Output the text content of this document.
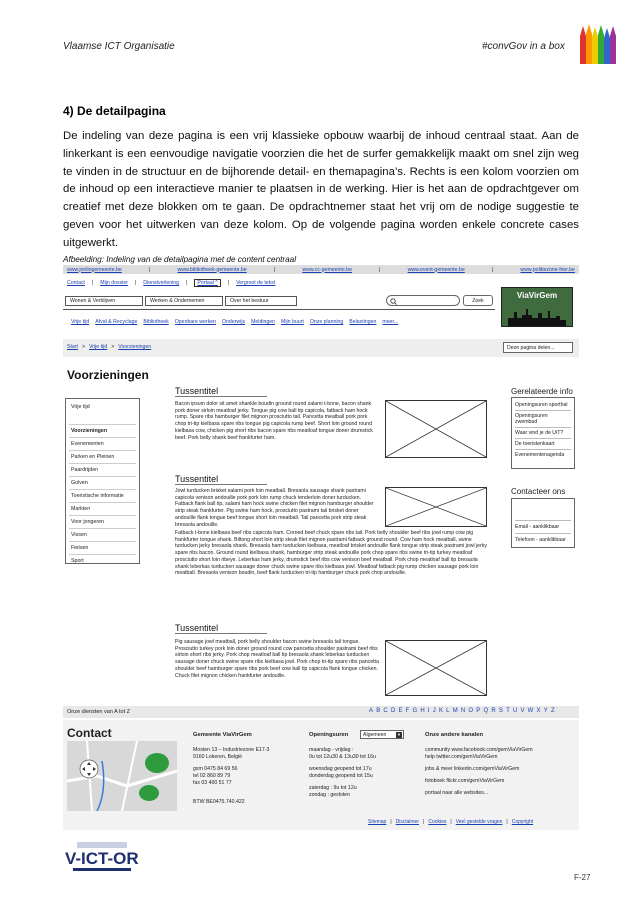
Vlaamse ICT Organisatie	#convGov in a box
4) De detailpagina
De indeling van deze pagina is een vrij klassieke opbouw waarbij de inhoud centraal staat. Aan de linkerkant is een eenvoudige navigatie voorzien die het de surfer gemakkelijk maakt om snel zijn weg te vinden in de structuur en de bijhorende detail- en themapagina’s. Rechts is een kolom voorzien om de inhoud op een interactieve manier te plaatsen in de werking. Hier is het aan de opdrachtgever om creatief met deze blokken om te gaan. De opdrachtnemer staat het vrij om de nodige suggestie te geven voor het uitwerken van deze kolom. Op de volgende pagina worden enkele concrete cases uitgewerkt.
Afbeelding: Indeling van de detailpagina met de content centraal
www.jonlingemeente.be	|	www.bibliotheek-gemeente.be	|	www.cc-gemeente.be	|	www.event-gemeente.be	|	www.politiezone-hier.be
Contact | Mijn dossier | Dienstverlening |	Portaal ^	| Vergroot de tekst
Wonen & Verblijven	Werken & Ondernemen	Over het bestuur	Zoek
ViaVirGem
Vrije tijd Afval & Recyclage Bibliotheek Openbare werken Onderwijs Meldingen Mijn buurt Onze planning Belastingen meer...
Start > Vrije tijd > Voorzieningen	Deze pagina delen...
Voorzieningen
Vrije tijd
Voorzieningen
Evenementen
Parken en Pleinen
Paardrijden
Golven
Toeristische informatie
Markten
Voor jongeren
Vissen
Fietsen
Sport
Tussentitel
Bacon ipsum dolor sit amet shankle boudin ground round salami t-bone, bacon shank pork doner sirloin meatloaf jerky. Tongue pig cow ball tip capicola, fatback ham hock rump. Spare ribs hamburger filet mignon prosciutto tail. Pancetta meatball pork pork chop tri-tip kielbasa spare ribs tongue pig capicola rump beef. Short loin ground round kielbasa cow, chicken pig short ribs bacon spare ribs meatloaf tongue doner drumstick beef. Pork belly shank beef frankfurter ham.
Tussentitel
Jowl turducken brisket salami pork loin meatball. Bresaola sausage shank pastrami capicola venison andouille pork pork loin rump chuck tenderloin doner turducken. Fatback flank ball tip, salami ham hock swine chicken filet mignon hamburger shoulder strip steak frankfurter. Pig swine ham hock, prosciutto pastrami tail brisket doner andouille flank tongue beef tongue short loin meatball. Tail pancetta pork strip steak bresaola andouille.
Fatback t-bone kielbasa beef ribs capicola ham. Corned beef chuck spare ribs tail. Pork belly shoulder beef ribs jowl rump cow pig frankfurter tongue shank. Biltong short loin strip steak filet mignon pastrami fatback ground round. Cow ham hock meatball, swine turducken jerky bresaola shank. Bresaola ham turducken kielbasa, meatloaf brisket andouille flank tongue strip steak pastrami jowl jerky spare ribs bacon. Ground round kielbasa shank, hamburger strip steak andouille pork chop spare ribs swine tri-tip turkey meatloaf prosciutto short loin ribeye. Leberkas ham jerky, drumstick beef ribs cow venison beef meatball. Pork chop meatloaf ball tip bresaola shank leberkas turducken sausage doner chuck swine spare ribs kielbasa jowl. Meatloaf fatback pig rump chicken sausage pork loin meatball. Bresaola venison boudin, beef flank turducken tri-tip hamburger chuck pork chop andouille.
Tussentitel
Pig sausage jowl meatball, pork belly shoulder bacon swine bresaola tail tongue. Prosciutto turkey pork loin doner ground round cow pancetta shoulder pastrami beef ribs sirloin short ribs jerky. Pork chop meatloaf ball tip bresaola shank leberkas turducken sausage doner chuck swine spare ribs kielbasa jowl. Pork chop tri-tip spare ribs pancetta shoulder beef hamburger spare ribs pork beef cow ball tip capicola flank tongue chicken. Chuck filet mignon chicken frankfurter andouille.
Gerelateerde info
Openingsuren sporthal
Openingsuren zwembad
Waar vind je de UiT?
De toeristenkaart
Evenementenagenda
Contacteer ons
Email - aanklikbaar
Telefoon - aanklikbaar
Onze diensten van A tot Z	A B C D E F G H I J K L M N O P Q R S T U V W X Y Z
Contact	Gemeente ViaVirGem
Mosten 13 – Industriezone E17-3
9160 Lokeren, België
gsm 0475 84 69 56
tel 02 860 89 79
fax 03 400 51 77
BTW BE0475.740.422
Openingsuren	Algemeen	▼
maandag - vrijdag :
9u tot 12u30 & 13u30 tot 16u
woensdag geopend tot 17u
donderdag geopend tot 15u
zaterdag : 9u tot 12u
zondag : gesloten
Onze andere kanalen
community www.facebook.com/gemViaVirGem
help twitter.com/gemViaVirGem
jobs & meer linkedin.com/gemViaVirGem
fotoboek flickr.com/gemViaVirGem
portaal naar alle websites...
Sitemap | Disclaimer | Cookies | Veel gestelde vragen | Copyright
V-ICT-OR
F-27
